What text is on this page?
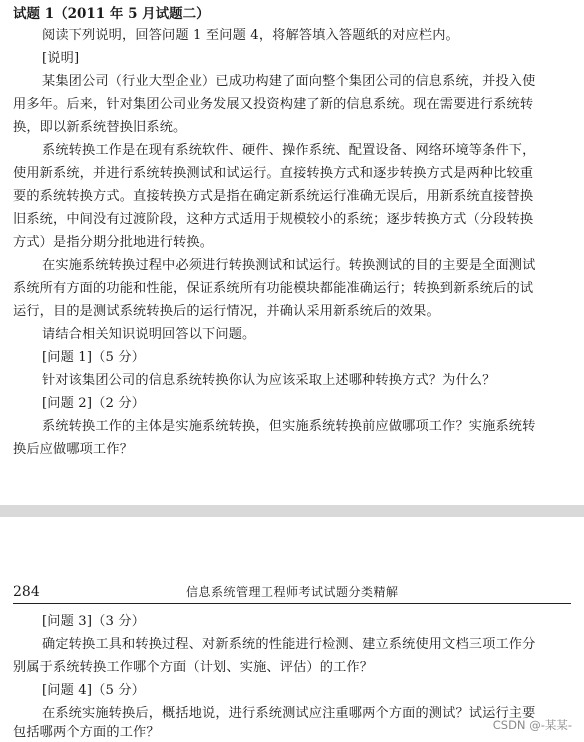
试题 1（2011 年 5 月试题二）
阅读下列说明，回答问题 1 至问题 4，将解答填入答题纸的对应栏内。
[说明]
某集团公司（行业大型企业）已成功构建了面向整个集团公司的信息系统，并投入使
用多年。后来，针对集团公司业务发展又投资构建了新的信息系统。现在需要进行系统转
换，即以新系统替换旧系统。
系统转换工作是在现有系统软件、硬件、操作系统、配置设备、网络环境等条件下，
使用新系统，并进行系统转换测试和试运行。直接转换方式和逐步转换方式是两种比较重
要的系统转换方式。直接转换方式是指在确定新系统运行准确无误后，用新系统直接替换
旧系统，中间没有过渡阶段，这种方式适用于规模较小的系统；逐步转换方式（分段转换
方式）是指分期分批地进行转换。
在实施系统转换过程中必须进行转换测试和试运行。转换测试的目的主要是全面测试
系统所有方面的功能和性能，保证系统所有功能模块都能准确运行；转换到新系统后的试
运行，目的是测试系统转换后的运行情况，并确认采用新系统后的效果。
请结合相关知识说明回答以下问题。
[问题 1]（5 分）
针对该集团公司的信息系统转换你认为应该采取上述哪种转换方式？为什么？
[问题 2]（2 分）
系统转换工作的主体是实施系统转换，但实施系统转换前应做哪项工作？实施系统转
换后应做哪项工作？
284	信息系统管理工程师考试试题分类精解
[问题 3]（3 分）
确定转换工具和转换过程、对新系统的性能进行检测、建立系统使用文档三项工作分
别属于系统转换工作哪个方面（计划、实施、评估）的工作？
[问题 4]（5 分）
在系统实施转换后，概括地说，进行系统测试应注重哪两个方面的测试？试运行主要
包括哪两个方面的工作？	CSDN @-某某-
